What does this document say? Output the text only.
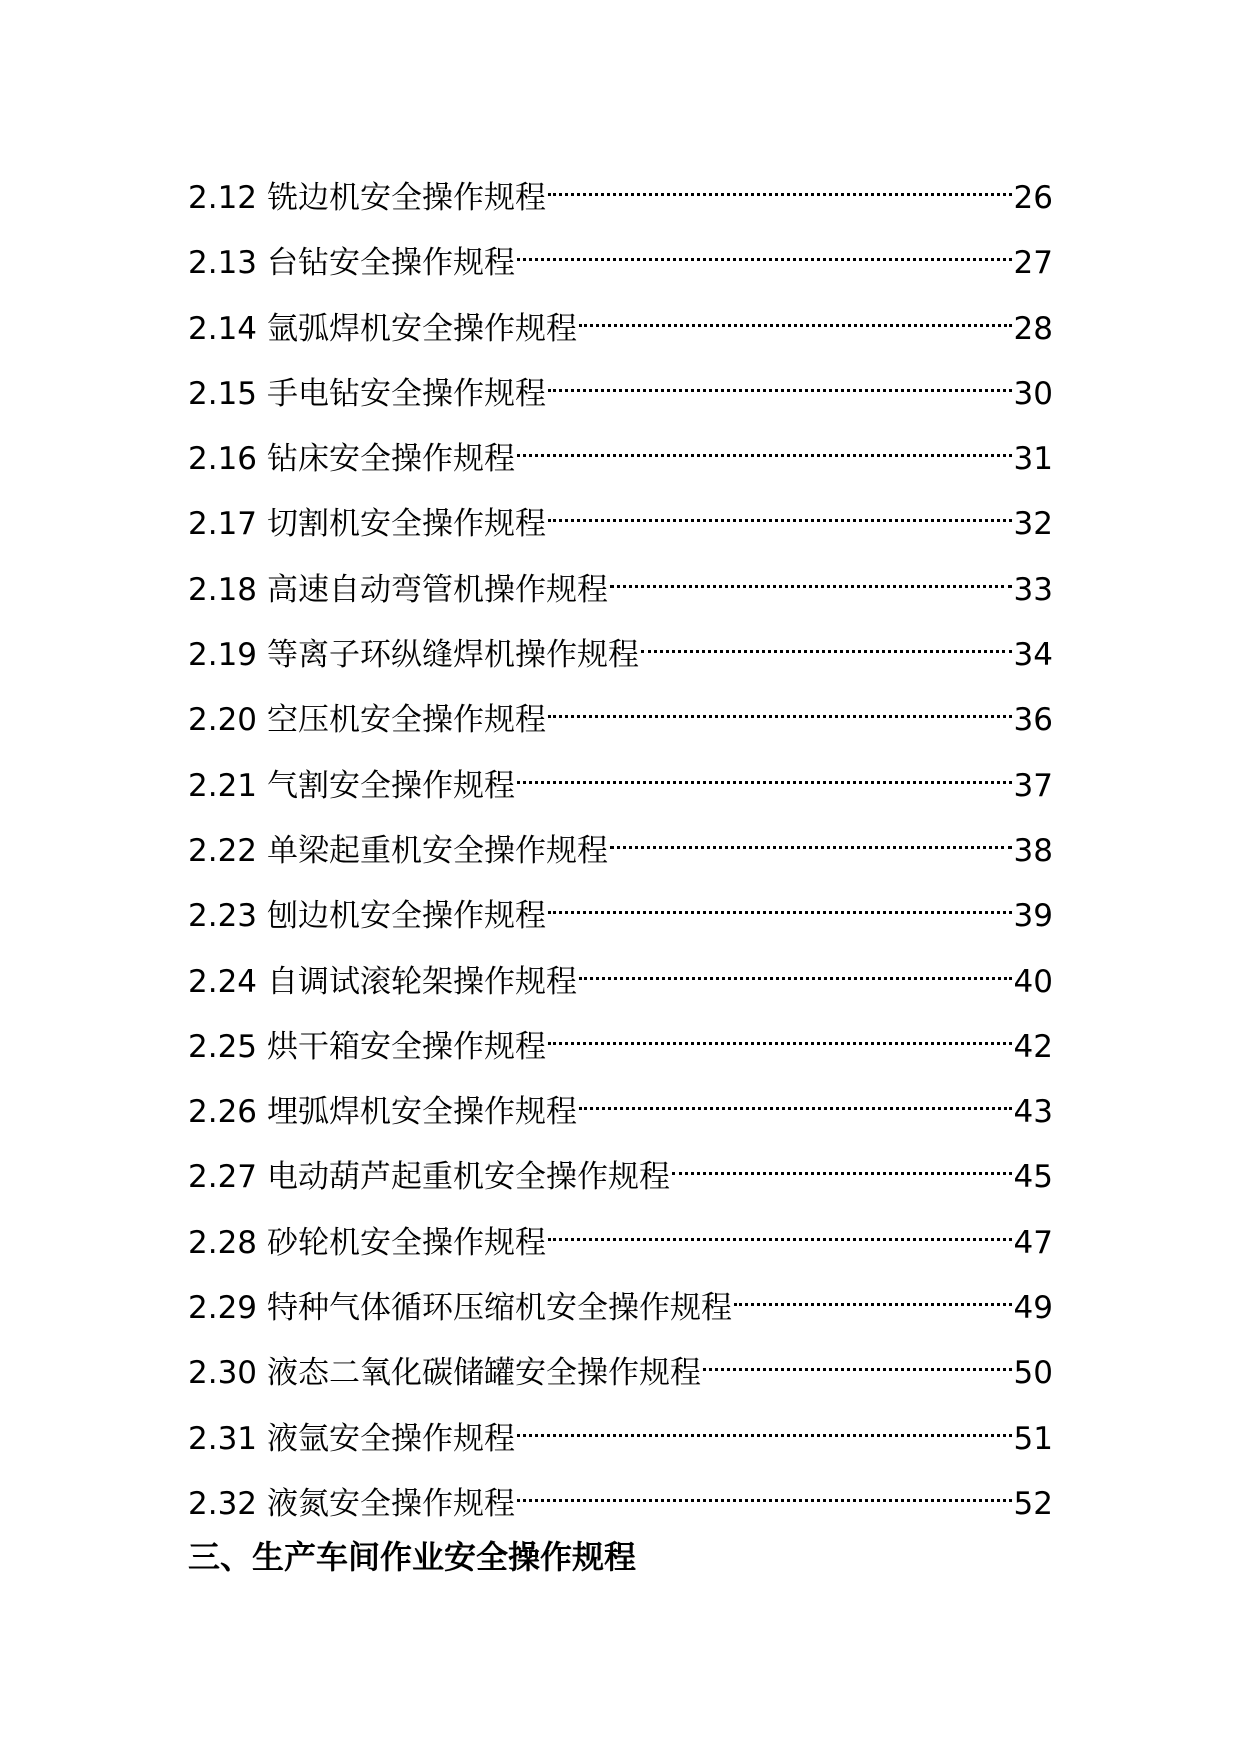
2.12 铣边机安全操作规程	26
2.13 台钻安全操作规程	27
2.14 氩弧焊机安全操作规程	28
2.15 手电钻安全操作规程	30
2.16 钻床安全操作规程	31
2.17 切割机安全操作规程	32
2.18 高速自动弯管机操作规程	33
2.19 等离子环纵缝焊机操作规程	34
2.20 空压机安全操作规程	36
2.21 气割安全操作规程	37
2.22 单梁起重机安全操作规程	38
2.23 刨边机安全操作规程	39
2.24 自调试滚轮架操作规程	40
2.25 烘干箱安全操作规程	42
2.26 埋弧焊机安全操作规程	43
2.27 电动葫芦起重机安全操作规程	45
2.28 砂轮机安全操作规程	47
2.29 特种气体循环压缩机安全操作规程	49
2.30 液态二氧化碳储罐安全操作规程	50
2.31 液氩安全操作规程	51
2.32 液氮安全操作规程	52
三、生产车间作业安全操作规程
